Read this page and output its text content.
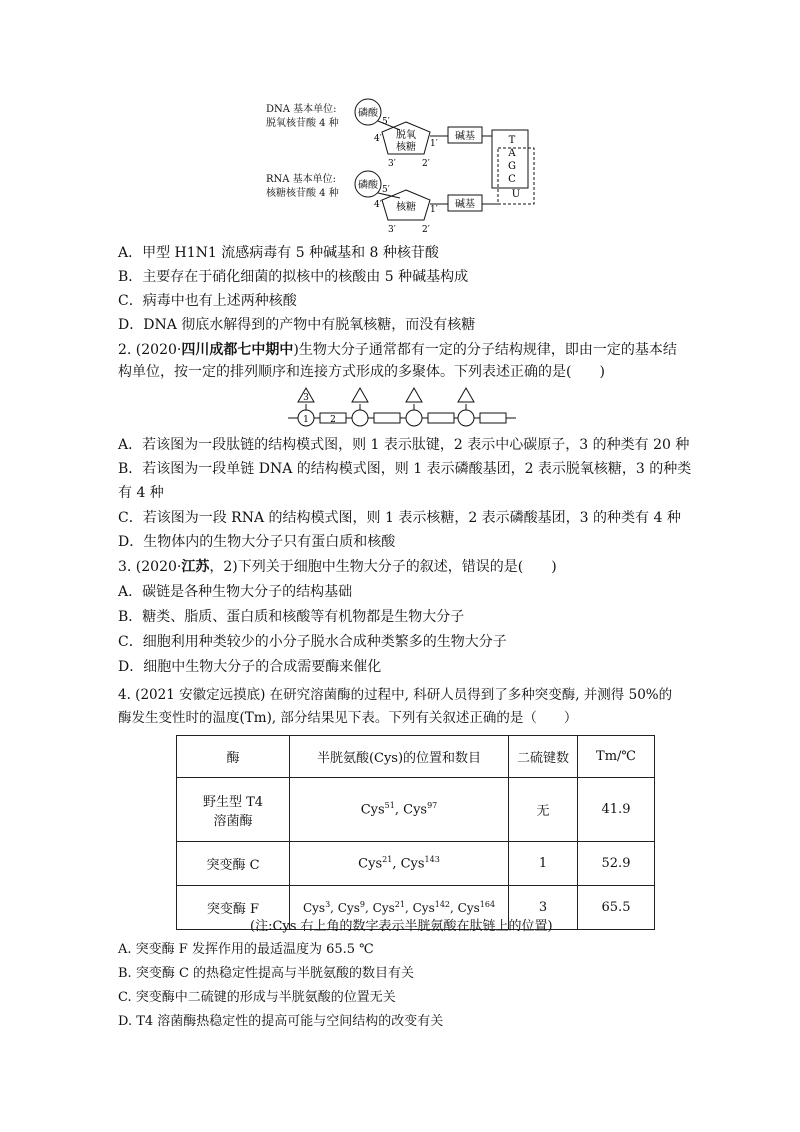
DNA 基本单位:
脱氧核苷酸 4 种
RNA 基本单位:
核糖核苷酸 4 种
磷酸
脱氧
核糖
5′
4′	1′
3′	2′
碱基
磷酸
核糖
5′
4′	1′
3′	2′
碱基
T
A
G
C
U
A．甲型 H1N1 流感病毒有 5 种碱基和 8 种核苷酸
B．主要存在于硝化细菌的拟核中的核酸由 5 种碱基构成
C．病毒中也有上述两种核酸
D．DNA 彻底水解得到的产物中有脱氧核糖，而没有核糖
2. (2020·四川成都七中期中)生物大分子通常都有一定的分子结构规律，即由一定的基本结
构单位，按一定的排列顺序和连接方式形成的多聚体。下列表述正确的是(　　)
1 2
3
A．若该图为一段肽链的结构模式图，则 1 表示肽键，2 表示中心碳原子，3 的种类有 20 种
B．若该图为一段单链 DNA 的结构模式图，则 1 表示磷酸基团，2 表示脱氧核糖，3 的种类
有 4 种
C．若该图为一段 RNA 的结构模式图，则 1 表示核糖，2 表示磷酸基团，3 的种类有 4 种
D．生物体内的生物大分子只有蛋白质和核酸
3. (2020·江苏，2)下列关于细胞中生物大分子的叙述，错误的是(　　)
A．碳链是各种生物大分子的结构基础
B．糖类、脂质、蛋白质和核酸等有机物都是生物大分子
C．细胞利用种类较少的小分子脱水合成种类繁多的生物大分子
D．细胞中生物大分子的合成需要酶来催化
4. (2021 安徽定远摸底) 在研究溶菌酶的过程中, 科研人员得到了多种突变酶, 并测得 50%的
酶发生变性时的温度(Tm), 部分结果见下表。下列有关叙述正确的是（　　）
酶	半胱氨酸(Cys)的位置和数目	二硫键数	Tm/℃
野生型 T4
溶菌酶	Cys$^{51}$, Cys$^{97}$	无	41.9
突变酶 C	Cys$^{21}$, Cys$^{143}$	1	52.9
突变酶 F	Cys$^3$, Cys$^9$, Cys$^{21}$, Cys$^{142}$, Cys$^{164}$	3	65.5
(注:Cys 右上角的数字表示半胱氨酸在肽链上的位置)
A. 突变酶 F 发挥作用的最适温度为 65.5 ℃
B. 突变酶 C 的热稳定性提高与半胱氨酸的数目有关
C. 突变酶中二硫键的形成与半胱氨酸的位置无关
D. T4 溶菌酶热稳定性的提高可能与空间结构的改变有关
